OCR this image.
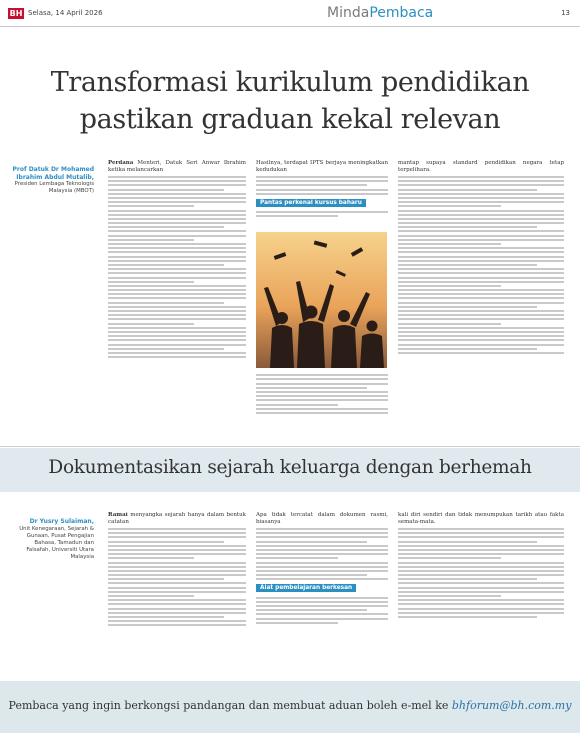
BH Selasa, 14 April 2026	MindaPembaca	13
Transformasi kurikulum pendidikan
pastikan graduan kekal relevan
Prof Datuk Dr Mohamed Ibrahim Abdul Mutalib,
Presiden Lembaga Teknologis Malaysia (MBOT)

Perdana Menteri, Datuk Seri Anwar Ibrahim ketika melancarkan

Hasilnya, terdapat IPTS berjaya meningkatkan kedudukan

Pantas perkenal kursus baharu

mantap supaya standard pendidikan negara tetap terpelihara.

Dokumentasikan sejarah keluarga dengan berhemah
Dr Yusry Sulaiman,
Unit Kenegaraan, Sejarah & Gunaan, Pusat Pengajian Bahasa, Tamadun dan Falsafah, Universiti Utara Malaysia

Ramai menyangka sejarah hanya dalam bentuk catatan

Apa tidak tercatat dalam dokumen rasmi, biasanya

Alat pembelajaran berkesan

kali diri sendiri dan tidak menumpukan tarikh atau fakta semata-mata.

Pembaca yang ingin berkongsi pandangan dan membuat aduan boleh e-mel ke bhforum@bh.com.my
